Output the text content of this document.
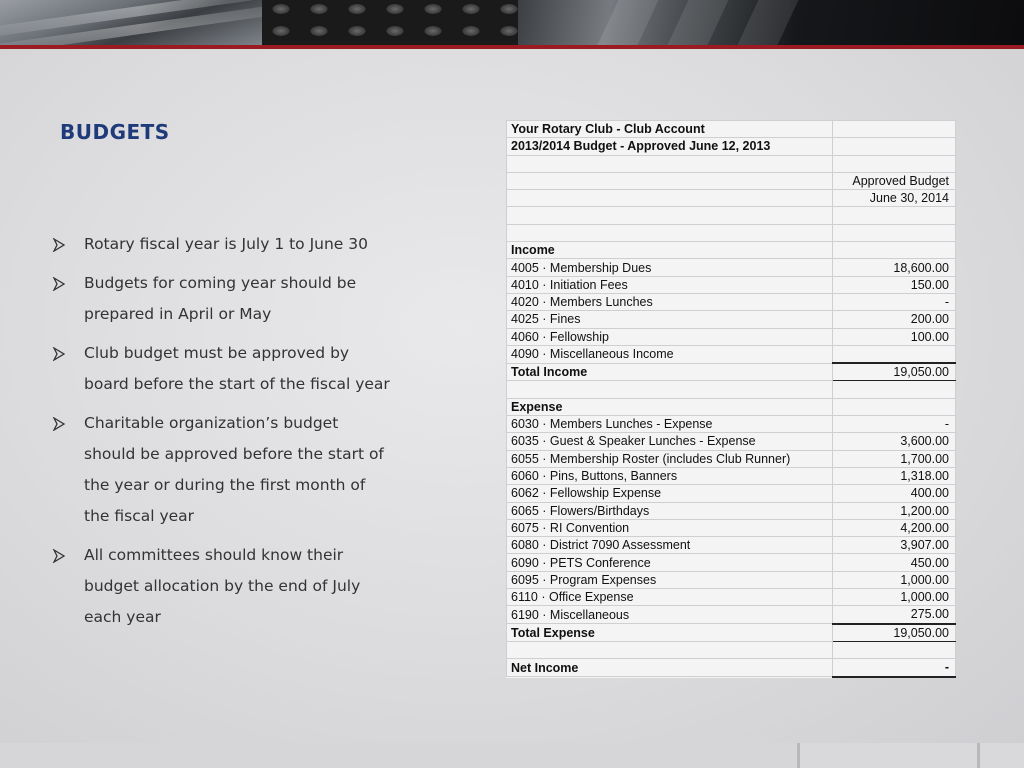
BUDGETS
Rotary fiscal year is July 1 to June 30
Budgets for coming year should be prepared in April or May
Club budget must be approved by board before the start of the fiscal year
Charitable organization’s budget should be approved before the start of the year or during the first month of the fiscal year
All committees should know their budget allocation by the end of July each year
Your Rotary Club - Club Account	
2013/2014 Budget - Approved June 12, 2013	

	Approved Budget
	June 30, 2014

Income	
4005 · Membership Dues	18,600.00
4010 · Initiation Fees	150.00
4020 · Members Lunches	-
4025 · Fines	200.00
4060 · Fellowship	100.00
4090 · Miscellaneous Income	
Total Income	19,050.00

Expense	
6030 · Members Lunches - Expense	-
6035 · Guest & Speaker Lunches - Expense	3,600.00
6055 · Membership Roster (includes Club Runner)	1,700.00
6060 · Pins, Buttons, Banners	1,318.00
6062 · Fellowship Expense	400.00
6065 · Flowers/Birthdays	1,200.00
6075 · RI Convention	4,200.00
6080 · District 7090 Assessment	3,907.00
6090 · PETS Conference	450.00
6095 · Program Expenses	1,000.00
6110 · Office Expense	1,000.00
6190 · Miscellaneous	275.00
Total Expense	19,050.00

Net Income	-
